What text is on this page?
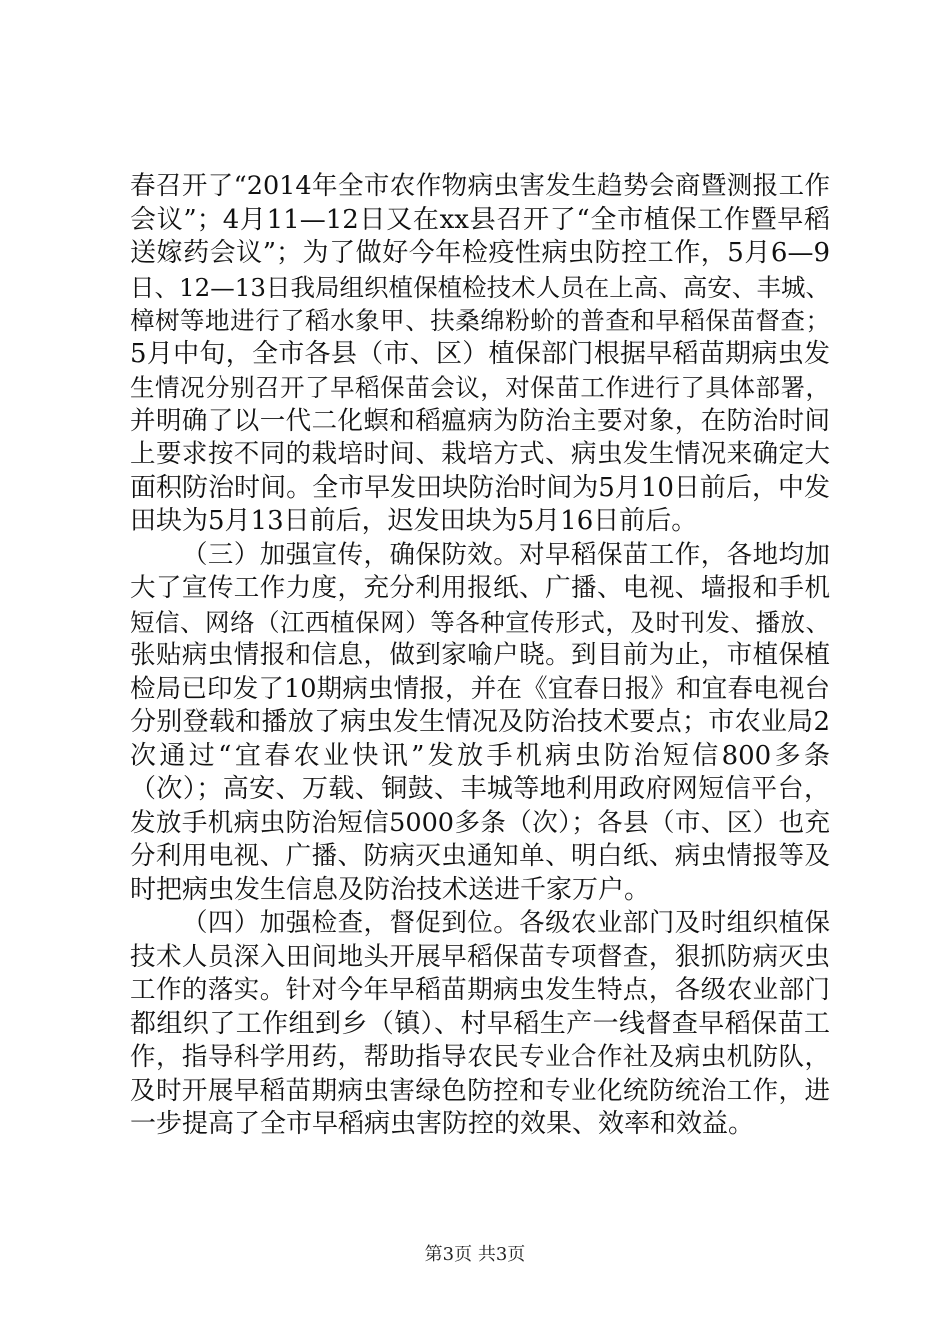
春召开了“2014年全市农作物病虫害发生趋势会商暨测报工作
会议”；4月11—12日又在xx县召开了“全市植保工作暨早稻
送嫁药会议”；为了做好今年检疫性病虫防控工作，5月6—9
日、12—13日我局组织植保植检技术人员在上高、高安、丰城、
樟树等地进行了稻水象甲、扶桑绵粉蚧的普查和早稻保苗督查；
5月中旬，全市各县（市、区）植保部门根据早稻苗期病虫发
生情况分别召开了早稻保苗会议，对保苗工作进行了具体部署，
并明确了以一代二化螟和稻瘟病为防治主要对象，在防治时间
上要求按不同的栽培时间、栽培方式、病虫发生情况来确定大
面积防治时间。全市早发田块防治时间为5月10日前后，中发
田块为5月13日前后，迟发田块为5月16日前后。
（三）加强宣传，确保防效。对早稻保苗工作，各地均加
大了宣传工作力度，充分利用报纸、广播、电视、墙报和手机
短信、网络（江西植保网）等各种宣传形式，及时刊发、播放、
张贴病虫情报和信息，做到家喻户晓。到目前为止，市植保植
检局已印发了10期病虫情报，并在《宜春日报》和宜春电视台
分别登载和播放了病虫发生情况及防治技术要点；市农业局2
次通过“宜春农业快讯”发放手机病虫防治短信800多条
（次）；高安、万载、铜鼓、丰城等地利用政府网短信平台，
发放手机病虫防治短信5000多条（次）；各县（市、区）也充
分利用电视、广播、防病灭虫通知单、明白纸、病虫情报等及
时把病虫发生信息及防治技术送进千家万户。
（四）加强检查，督促到位。各级农业部门及时组织植保
技术人员深入田间地头开展早稻保苗专项督查，狠抓防病灭虫
工作的落实。针对今年早稻苗期病虫发生特点，各级农业部门
都组织了工作组到乡（镇）、村早稻生产一线督查早稻保苗工
作，指导科学用药，帮助指导农民专业合作社及病虫机防队，
及时开展早稻苗期病虫害绿色防控和专业化统防统治工作，进
一步提高了全市早稻病虫害防控的效果、效率和效益。
第3页 共3页
